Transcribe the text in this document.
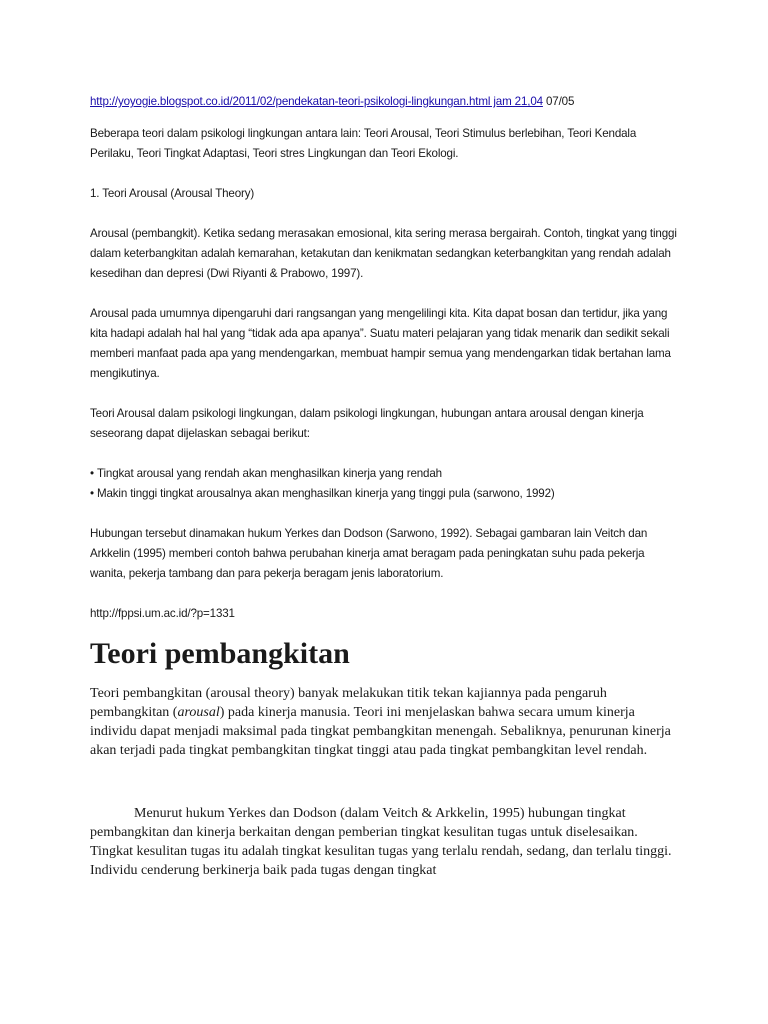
http://yoyogie.blogspot.co.id/2011/02/pendekatan-teori-psikologi-lingkungan.html jam 21,04 07/05

Beberapa teori dalam psikologi lingkungan antara lain: Teori Arousal, Teori Stimulus berlebihan, Teori Kendala Perilaku, Teori Tingkat Adaptasi, Teori stres Lingkungan dan Teori Ekologi.

1. Teori Arousal (Arousal Theory)

Arousal (pembangkit). Ketika sedang merasakan emosional, kita sering merasa bergairah. Contoh, tingkat yang tinggi dalam keterbangkitan adalah kemarahan, ketakutan dan kenikmatan sedangkan keterbangkitan yang rendah adalah kesedihan dan depresi (Dwi Riyanti & Prabowo, 1997).

Arousal pada umumnya dipengaruhi dari rangsangan yang mengelilingi kita. Kita dapat bosan dan tertidur, jika yang kita hadapi adalah hal hal yang “tidak ada apa apanya”. Suatu materi pelajaran yang tidak menarik dan sedikit sekali memberi manfaat pada apa yang mendengarkan, membuat hampir semua yang mendengarkan tidak bertahan lama mengikutinya.

Teori Arousal dalam psikologi lingkungan, dalam psikologi lingkungan, hubungan antara arousal dengan kinerja seseorang dapat dijelaskan sebagai berikut:

• Tingkat arousal yang rendah akan menghasilkan kinerja yang rendah
• Makin tinggi tingkat arousalnya akan menghasilkan kinerja yang tinggi pula (sarwono, 1992)

Hubungan tersebut dinamakan hukum Yerkes dan Dodson (Sarwono, 1992). Sebagai gambaran lain Veitch dan Arkkelin (1995) memberi contoh bahwa perubahan kinerja amat beragam pada peningkatan suhu pada pekerja wanita, pekerja tambang dan para pekerja beragam jenis laboratorium.

http://fppsi.um.ac.id/?p=1331

Teori pembangkitan

Teori pembangkitan (arousal theory) banyak melakukan titik tekan kajiannya pada pengaruh pembangkitan (arousal) pada kinerja manusia. Teori ini menjelaskan bahwa secara umum kinerja individu dapat menjadi maksimal pada tingkat pembangkitan menengah. Sebaliknya, penurunan kinerja akan terjadi pada tingkat pembangkitan tingkat tinggi atau pada tingkat pembangkitan level rendah.

Menurut hukum Yerkes dan Dodson (dalam Veitch & Arkkelin, 1995) hubungan tingkat pembangkitan dan kinerja berkaitan dengan pemberian tingkat kesulitan tugas untuk diselesaikan. Tingkat kesulitan tugas itu adalah tingkat kesulitan tugas yang terlalu rendah, sedang, dan terlalu tinggi. Individu cenderung berkinerja baik pada tugas dengan tingkat
